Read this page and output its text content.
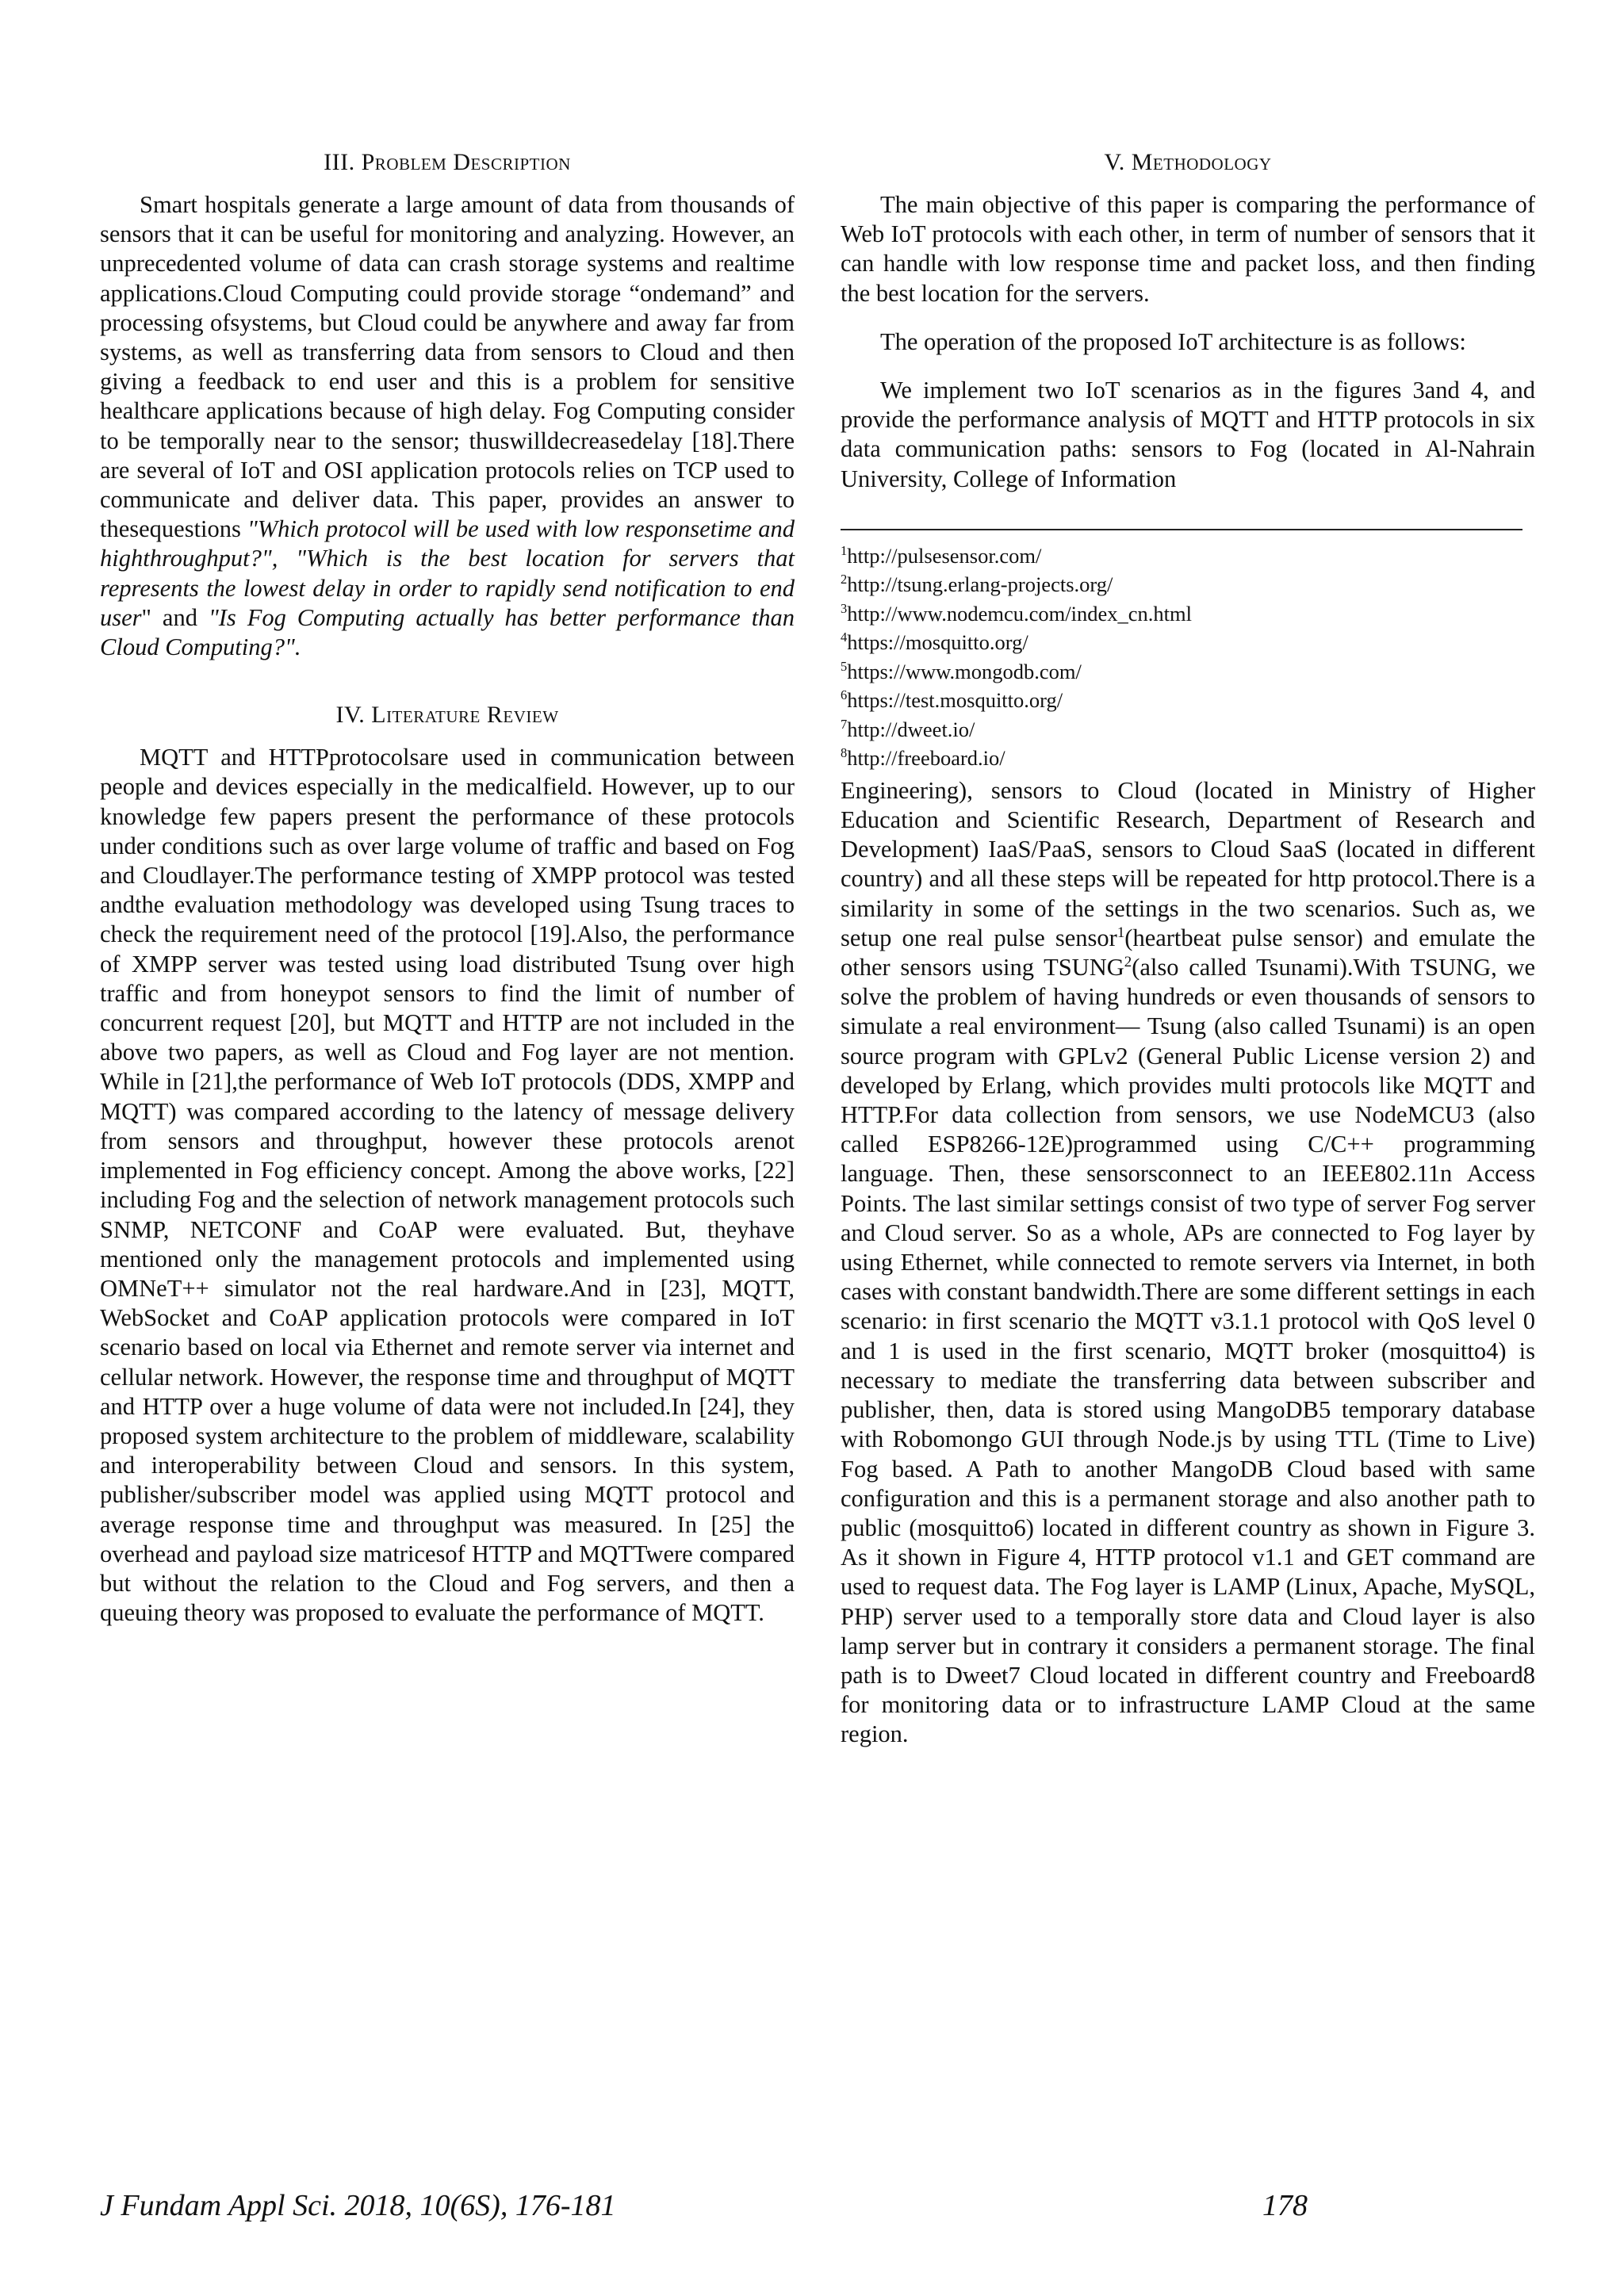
III. Problem Description

Smart hospitals generate a large amount of data from thousands of sensors that it can be useful for monitoring and analyzing. However, an unprecedented volume of data can crash storage systems and realtime applications.Cloud Computing could provide storage “ondemand” and processing ofsystems, but Cloud could be anywhere and away far from systems, as well as transferring data from sensors to Cloud and then giving a feedback to end user and this is a problem for sensitive healthcare applications because of high delay. Fog Computing consider to be temporally near to the sensor; thuswilldecreasedelay [18].There are several of IoT and OSI application protocols relies on TCP used to communicate and deliver data. This paper, provides an answer to thesequestions "Which protocol will be used with low responsetime and highthroughput?", "Which is the best location for servers that represents the lowest delay in order to rapidly send notification to end user" and "Is Fog Computing actually has better performance than Cloud Computing?".

IV. Literature Review

MQTT and HTTPprotocolsare used in communication between people and devices especially in the medicalfield. However, up to our knowledge few papers present the performance of these protocols under conditions such as over large volume of traffic and based on Fog and Cloudlayer.The performance testing of XMPP protocol was tested andthe evaluation methodology was developed using Tsung traces to check the requirement need of the protocol [19].Also, the performance of XMPP server was tested using load distributed Tsung over high traffic and from honeypot sensors to find the limit of number of concurrent request [20], but MQTT and HTTP are not included in the above two papers, as well as Cloud and Fog layer are not mention. While in [21],the performance of Web IoT protocols (DDS, XMPP and MQTT) was compared according to the latency of message delivery from sensors and throughput, however these protocols arenot implemented in Fog efficiency concept. Among the above works, [22] including Fog and the selection of network management protocols such SNMP, NETCONF and CoAP were evaluated. But, theyhave mentioned only the management protocols and implemented using OMNeT++ simulator not the real hardware.And in [23], MQTT, WebSocket and CoAP application protocols were compared in IoT scenario based on local via Ethernet and remote server via internet and cellular network. However, the response time and throughput of MQTT and HTTP over a huge volume of data were not included.In [24], they proposed system architecture to the problem of middleware, scalability and interoperability between Cloud and sensors. In this system, publisher/subscriber model was applied using MQTT protocol and average response time and throughput was measured. In [25] the overhead and payload size matricesof HTTP and MQTTwere compared but without the relation to the Cloud and Fog servers, and then a queuing theory was proposed to evaluate the performance of MQTT.

V. Methodology

The main objective of this paper is comparing the performance of Web IoT protocols with each other, in term of number of sensors that it can handle with low response time and packet loss, and then finding the best location for the servers.

The operation of the proposed IoT architecture is as follows:

We implement two IoT scenarios as in the figures 3and 4, and provide the performance analysis of MQTT and HTTP protocols in six data communication paths: sensors to Fog (located in Al-Nahrain University, College of Information

$^1$http://pulsesensor.com/

$^2$http://tsung.erlang-projects.org/

$^3$http://www.nodemcu.com/index_cn.html

$^4$https://mosquitto.org/

$^5$https://www.mongodb.com/

$^6$https://test.mosquitto.org/

$^7$http://dweet.io/

$^8$http://freeboard.io/

Engineering), sensors to Cloud (located in Ministry of Higher Education and Scientific Research, Department of Research and Development) IaaS/PaaS, sensors to Cloud SaaS (located in different country) and all these steps will be repeated for http protocol.There is a similarity in some of the settings in the two scenarios. Such as, we setup one real pulse sensor$^1$(heartbeat pulse sensor) and emulate the other sensors using TSUNG$^2$(also called Tsunami).With TSUNG, we solve the problem of having hundreds or even thousands of sensors to simulate a real environment— Tsung (also called Tsunami) is an open source program with GPLv2 (General Public License version 2) and developed by Erlang, which provides multi protocols like MQTT and HTTP.For data collection from sensors, we use NodeMCU3 (also called ESP8266-12E)programmed using C/C++ programming language. Then, these sensorsconnect to an IEEE802.11n Access Points. The last similar settings consist of two type of server Fog server and Cloud server. So as a whole, APs are connected to Fog layer by using Ethernet, while connected to remote servers via Internet, in both cases with constant bandwidth.There are some different settings in each scenario: in first scenario the MQTT v3.1.1 protocol with QoS level 0 and 1 is used in the first scenario, MQTT broker (mosquitto4) is necessary to mediate the transferring data between subscriber and publisher, then, data is stored using MangoDB5 temporary database with Robomongo GUI through Node.js by using TTL (Time to Live) Fog based. A Path to another MangoDB Cloud based with same configuration and this is a permanent storage and also another path to public (mosquitto6) located in different country as shown in Figure 3. As it shown in Figure 4, HTTP protocol v1.1 and GET command are used to request data. The Fog layer is LAMP (Linux, Apache, MySQL, PHP) server used to a temporally store data and Cloud layer is also lamp server but in contrary it considers a permanent storage. The final path is to Dweet7 Cloud located in different country and Freeboard8 for monitoring data or to infrastructure LAMP Cloud at the same region.

J Fundam Appl Sci. 2018, 10(6S), 176-181	178
